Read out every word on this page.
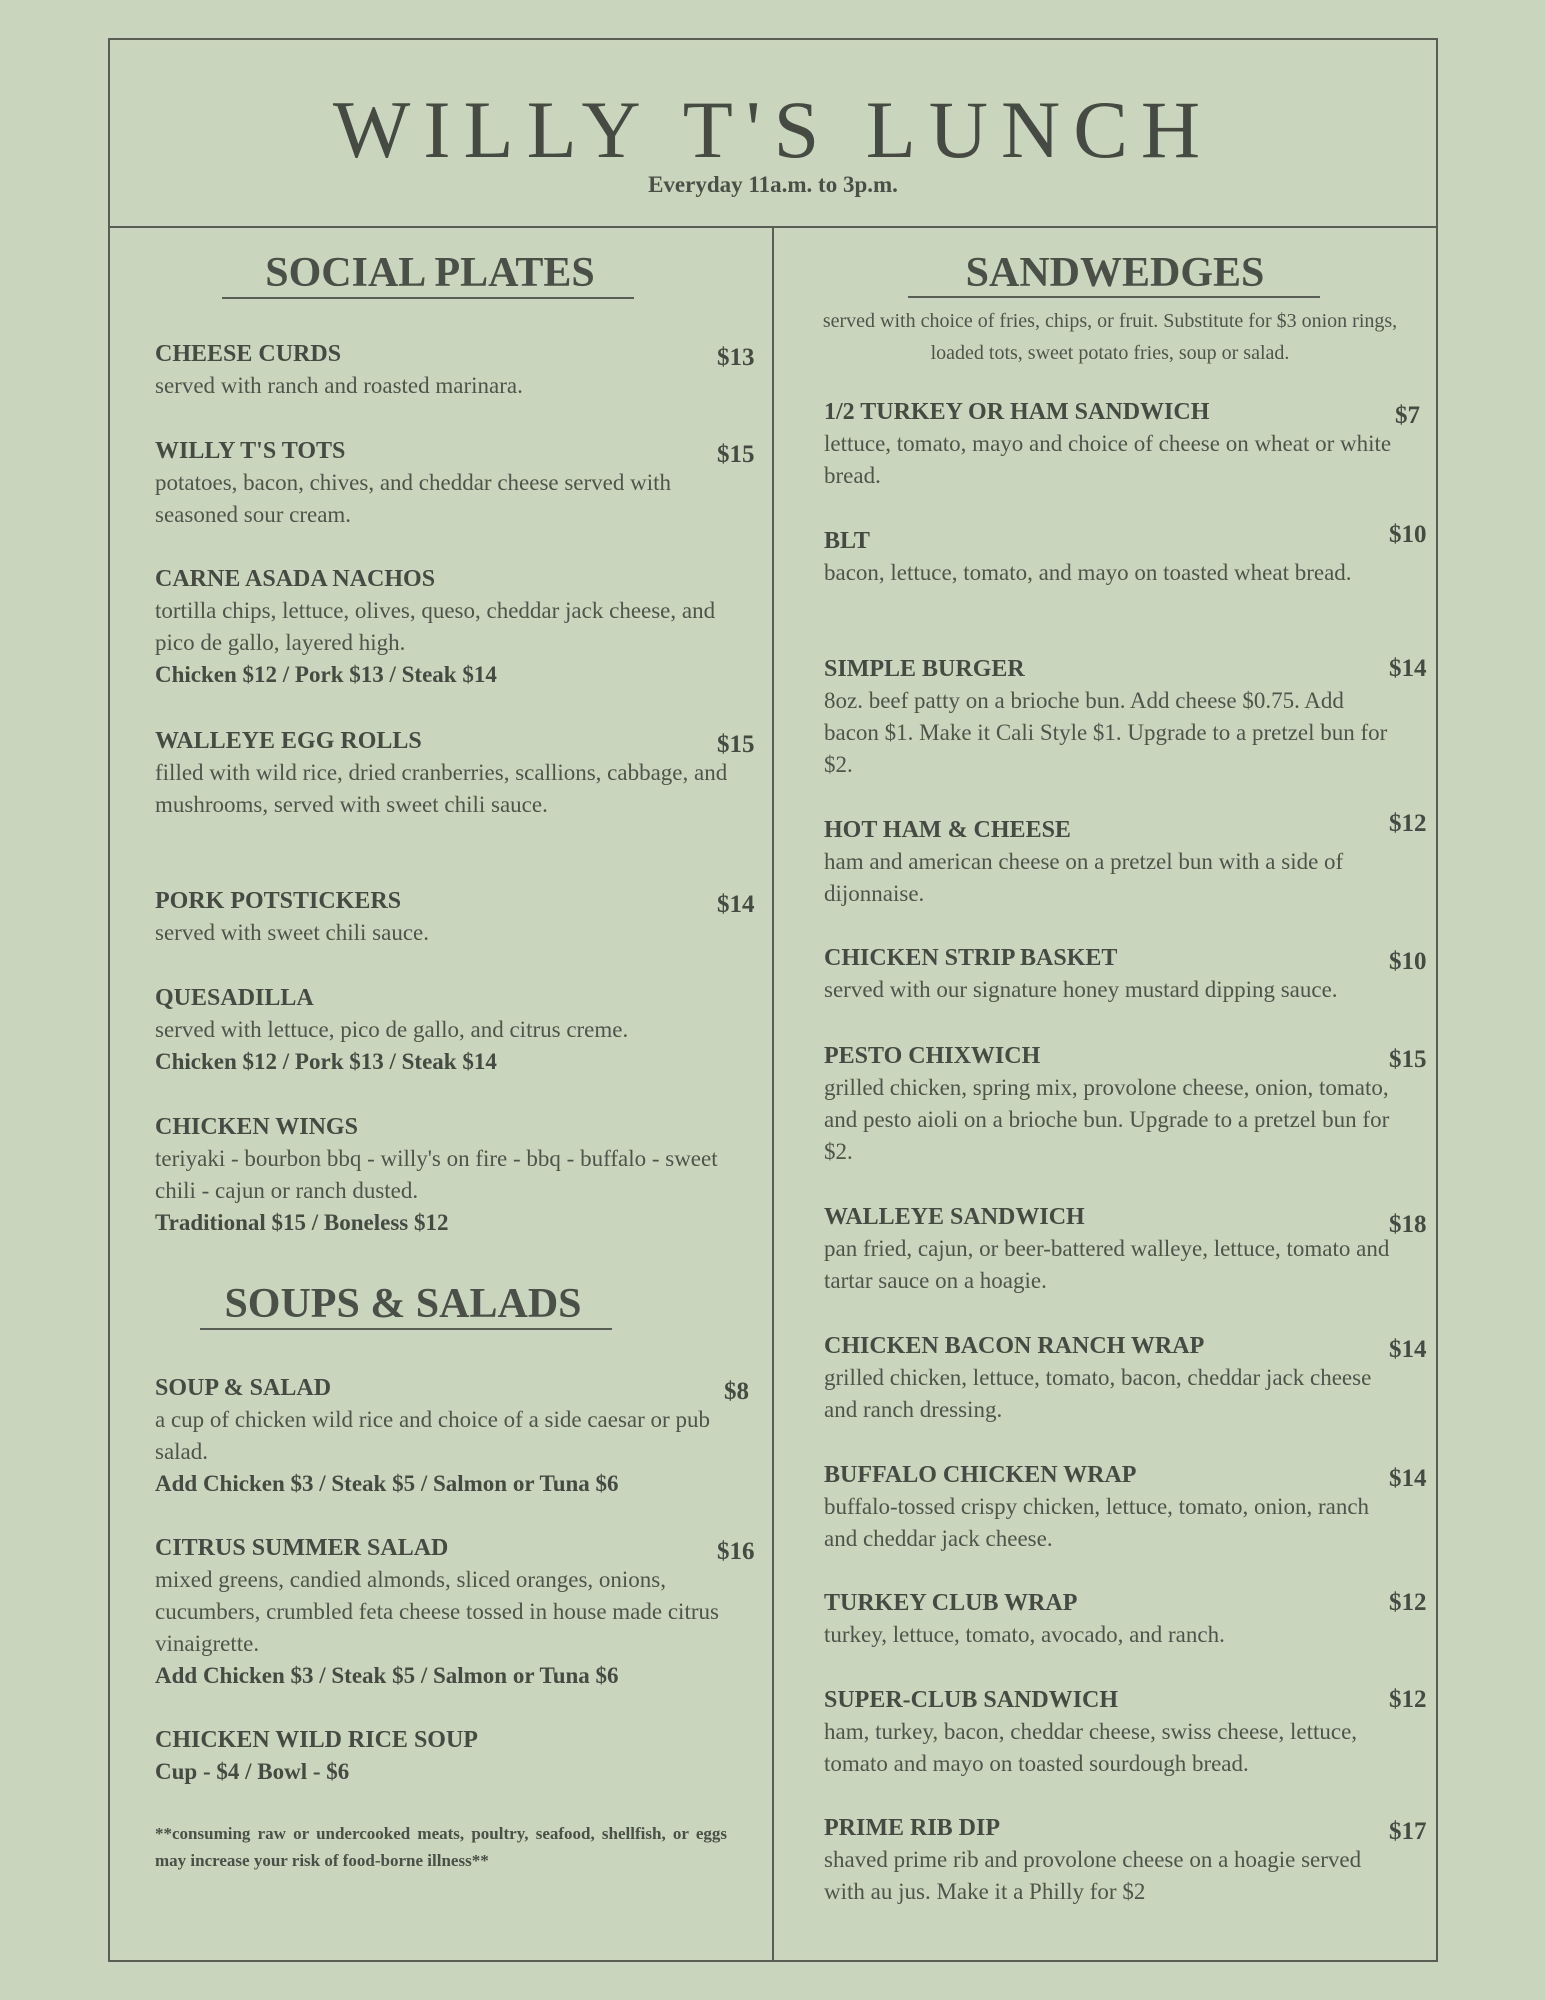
WILLY T'S LUNCH
Everyday 11a.m. to 3p.m.
SOCIAL PLATES
CHEESE CURDS	$13
served with ranch and roasted marinara.
WILLY T'S TOTS	$15
potatoes, bacon, chives, and cheddar cheese served with seasoned sour cream.
CARNE ASADA NACHOS
tortilla chips, lettuce, olives, queso, cheddar jack cheese, and pico de gallo, layered high.
Chicken $12 / Pork $13 / Steak $14
WALLEYE EGG ROLLS	$15
filled with wild rice, dried cranberries, scallions, cabbage, and mushrooms, served with sweet chili sauce.
PORK POTSTICKERS	$14
served with sweet chili sauce.
QUESADILLA
served with lettuce, pico de gallo, and citrus creme.
Chicken $12 / Pork $13 / Steak $14
CHICKEN WINGS
teriyaki - bourbon bbq - willy's on fire - bbq - buffalo - sweet chili - cajun or ranch dusted.
Traditional $15 / Boneless $12
SOUPS & SALADS
SOUP & SALAD	$8
a cup of chicken wild rice and choice of a side caesar or pub salad.
Add Chicken $3 / Steak $5 / Salmon or Tuna $6
CITRUS SUMMER SALAD	$16
mixed greens, candied almonds, sliced oranges, onions, cucumbers, crumbled feta cheese tossed in house made citrus vinaigrette.
Add Chicken $3 / Steak $5 / Salmon or Tuna $6
CHICKEN WILD RICE SOUP
Cup - $4 / Bowl - $6
**consuming raw or undercooked meats, poultry, seafood, shellfish, or eggs may increase your risk of food-borne illness**
SANDWEDGES
served with choice of fries, chips, or fruit. Substitute for $3 onion rings, loaded tots, sweet potato fries, soup or salad.
1/2 TURKEY OR HAM SANDWICH	$7
lettuce, tomato, mayo and choice of cheese on wheat or white bread.
BLT	$10
bacon, lettuce, tomato, and mayo on toasted wheat bread.
SIMPLE BURGER	$14
8oz. beef patty on a brioche bun. Add cheese $0.75. Add bacon $1. Make it Cali Style $1. Upgrade to a pretzel bun for $2.
HOT HAM & CHEESE	$12
ham and american cheese on a pretzel bun with a side of dijonnaise.
CHICKEN STRIP BASKET	$10
served with our signature honey mustard dipping sauce.
PESTO CHIXWICH	$15
grilled chicken, spring mix, provolone cheese, onion, tomato, and pesto aioli on a brioche bun. Upgrade to a pretzel bun for $2.
WALLEYE SANDWICH	$18
pan fried, cajun, or beer-battered walleye, lettuce, tomato and tartar sauce on a hoagie.
CHICKEN BACON RANCH WRAP	$14
grilled chicken, lettuce, tomato, bacon, cheddar jack cheese and ranch dressing.
BUFFALO CHICKEN WRAP	$14
buffalo-tossed crispy chicken, lettuce, tomato, onion, ranch and cheddar jack cheese.
TURKEY CLUB WRAP	$12
turkey, lettuce, tomato, avocado, and ranch.
SUPER-CLUB SANDWICH	$12
ham, turkey, bacon, cheddar cheese, swiss cheese, lettuce, tomato and mayo on toasted sourdough bread.
PRIME RIB DIP	$17
shaved prime rib and provolone cheese on a hoagie served with au jus. Make it a Philly for $2
